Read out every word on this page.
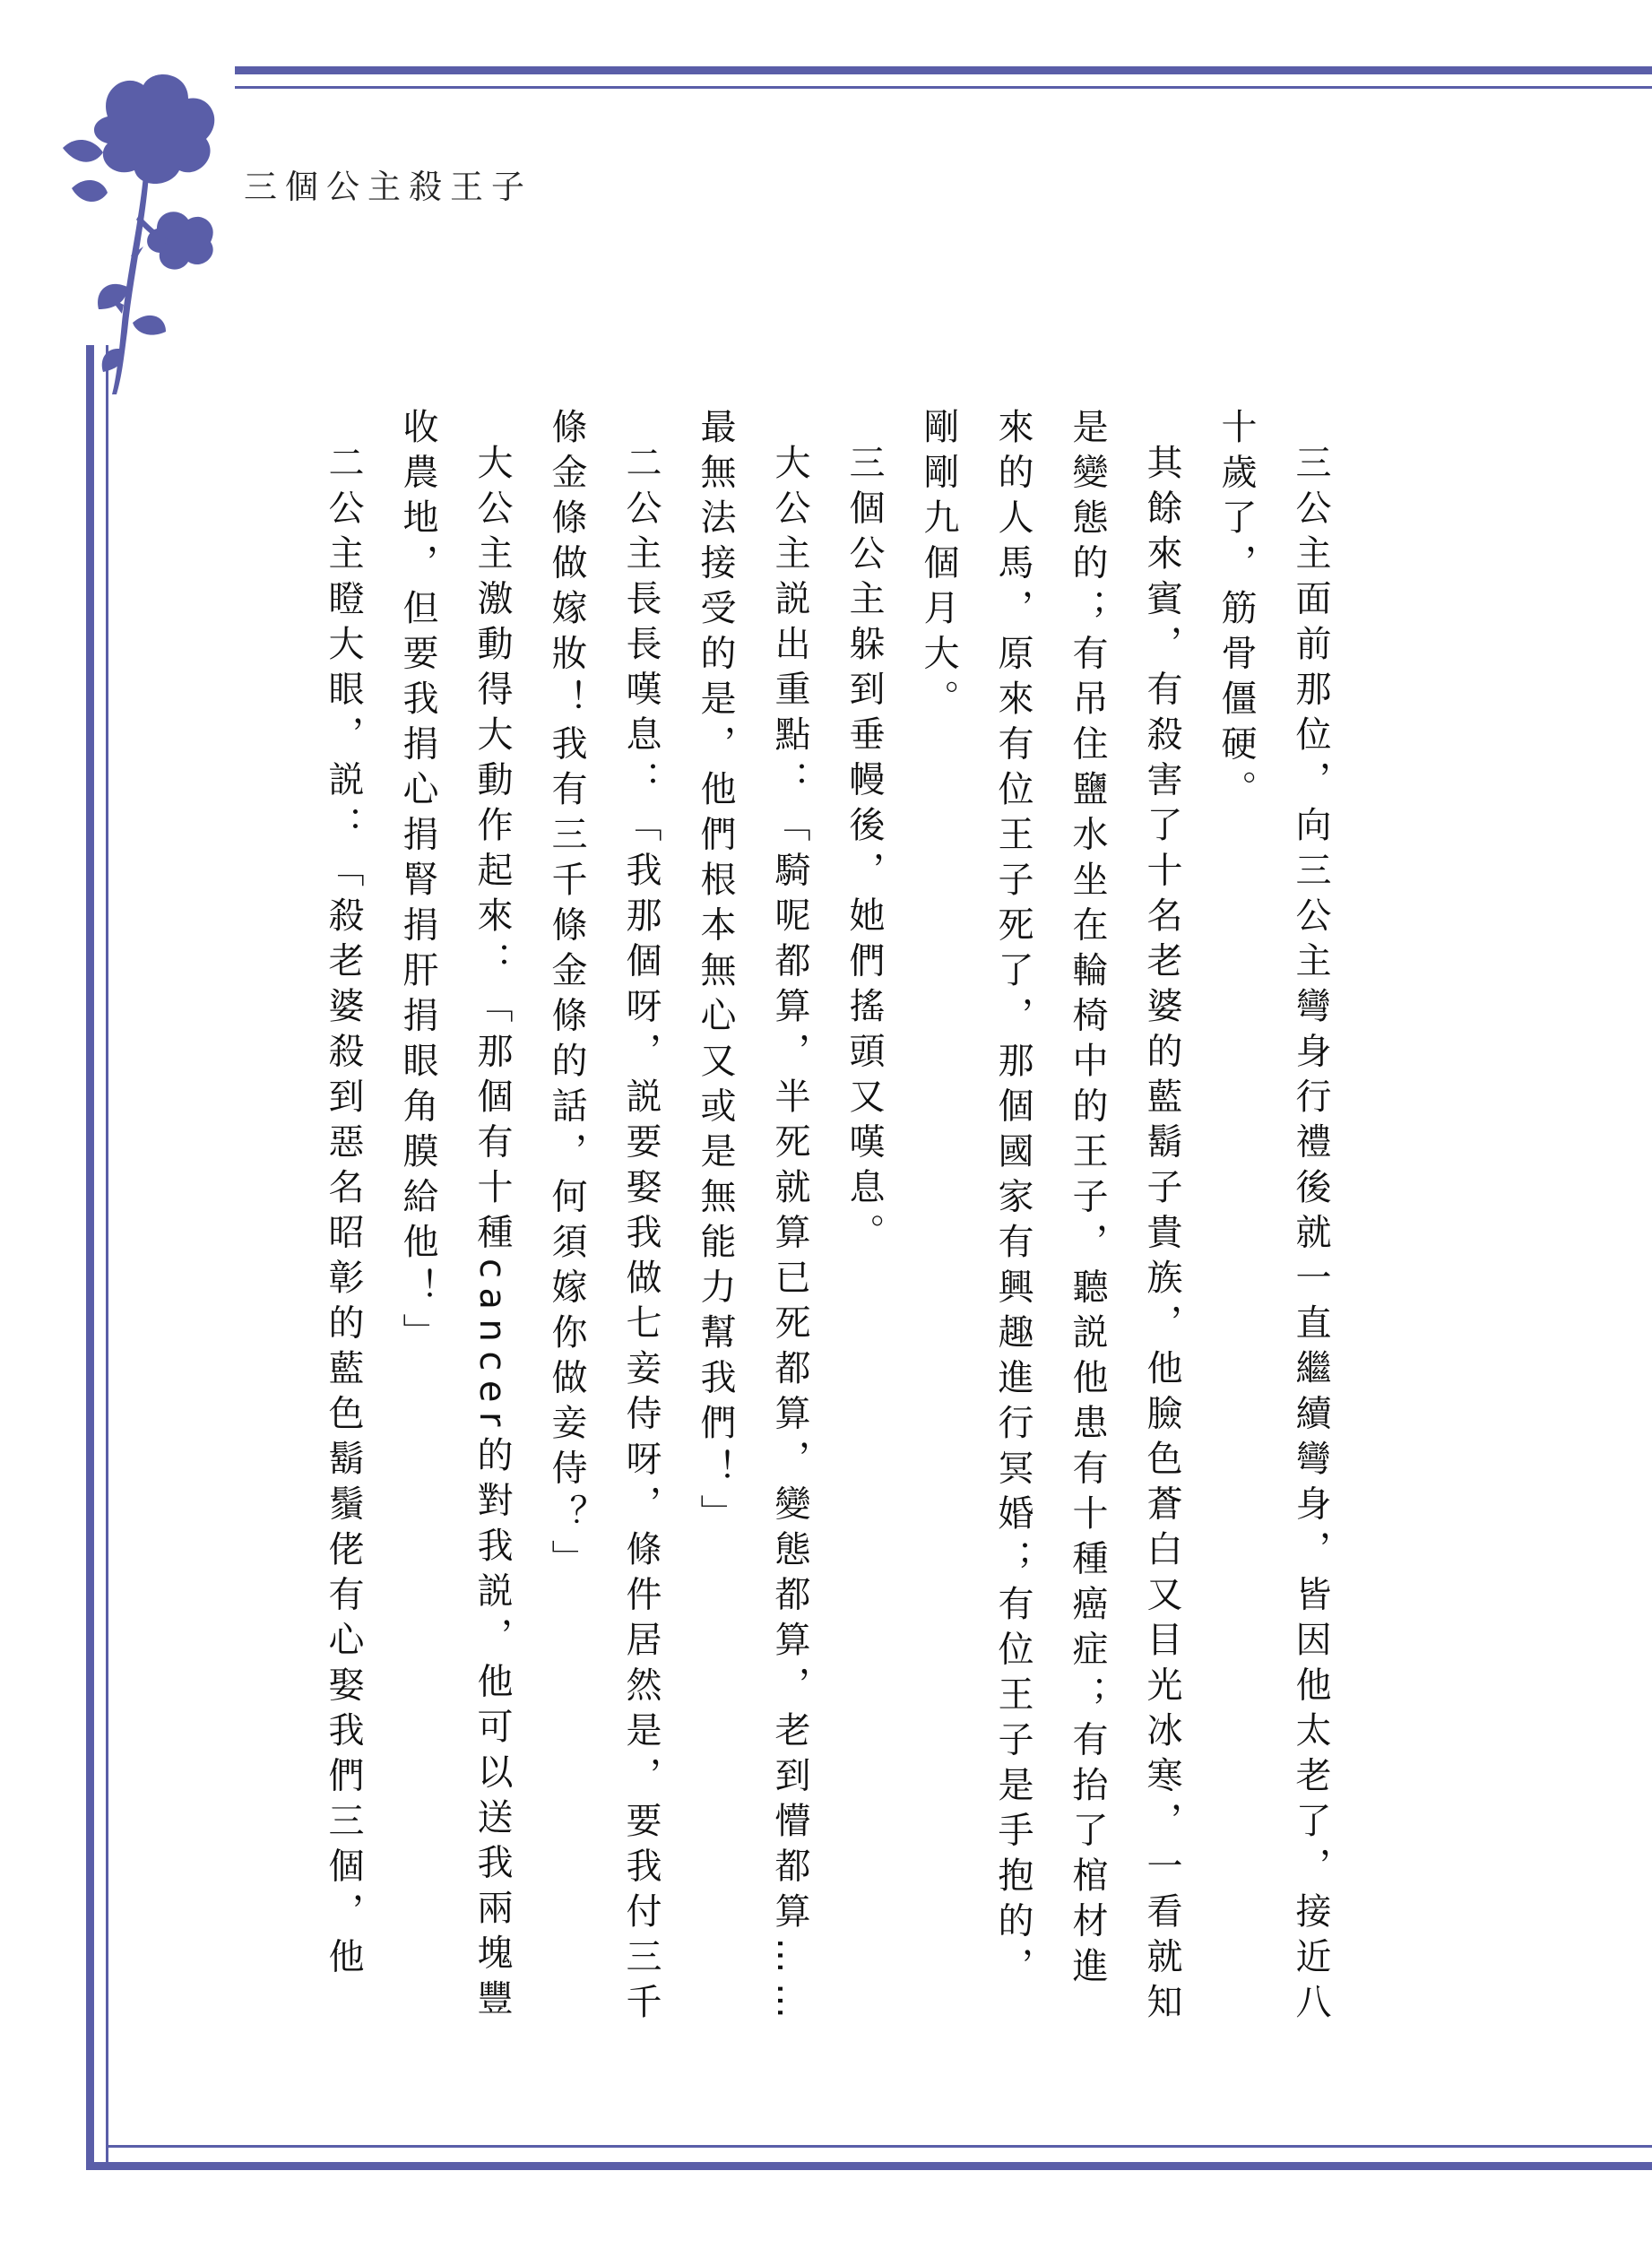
三個公主殺王子

三公主面前那位，向三公主彎身行禮後就一直繼續彎身，皆因他太老了，接近八十歲了，筋骨僵硬。

其餘來賓，有殺害了十名老婆的藍鬍子貴族，他臉色蒼白又目光冰寒，一看就知是變態的；有吊住鹽水坐在輪椅中的王子，聽説他患有十種癌症；有抬了棺材進來的人馬，原來有位王子死了，那個國家有興趣進行冥婚；有位王子是手抱的，剛剛九個月大。

三個公主躲到垂幔後，她們搖頭又嘆息。

大公主説出重點：「騎呢都算，半死就算已死都算，變態都算，老到懵都算……最無法接受的是，他們根本無心又或是無能力幫我們！」

二公主長長嘆息：「我那個呀，説要娶我做七妾侍呀，條件居然是，要我付三千條金條做嫁妝！我有三千條金條的話，何須嫁你做妾侍？」

大公主激動得大動作起來：「那個有十種cancer的對我説，他可以送我兩塊豐收農地，但要我捐心捐腎捐肝捐眼角膜給他！」

二公主瞪大眼，説：「殺老婆殺到惡名昭彰的藍色鬍鬚佬有心娶我們三個，他
